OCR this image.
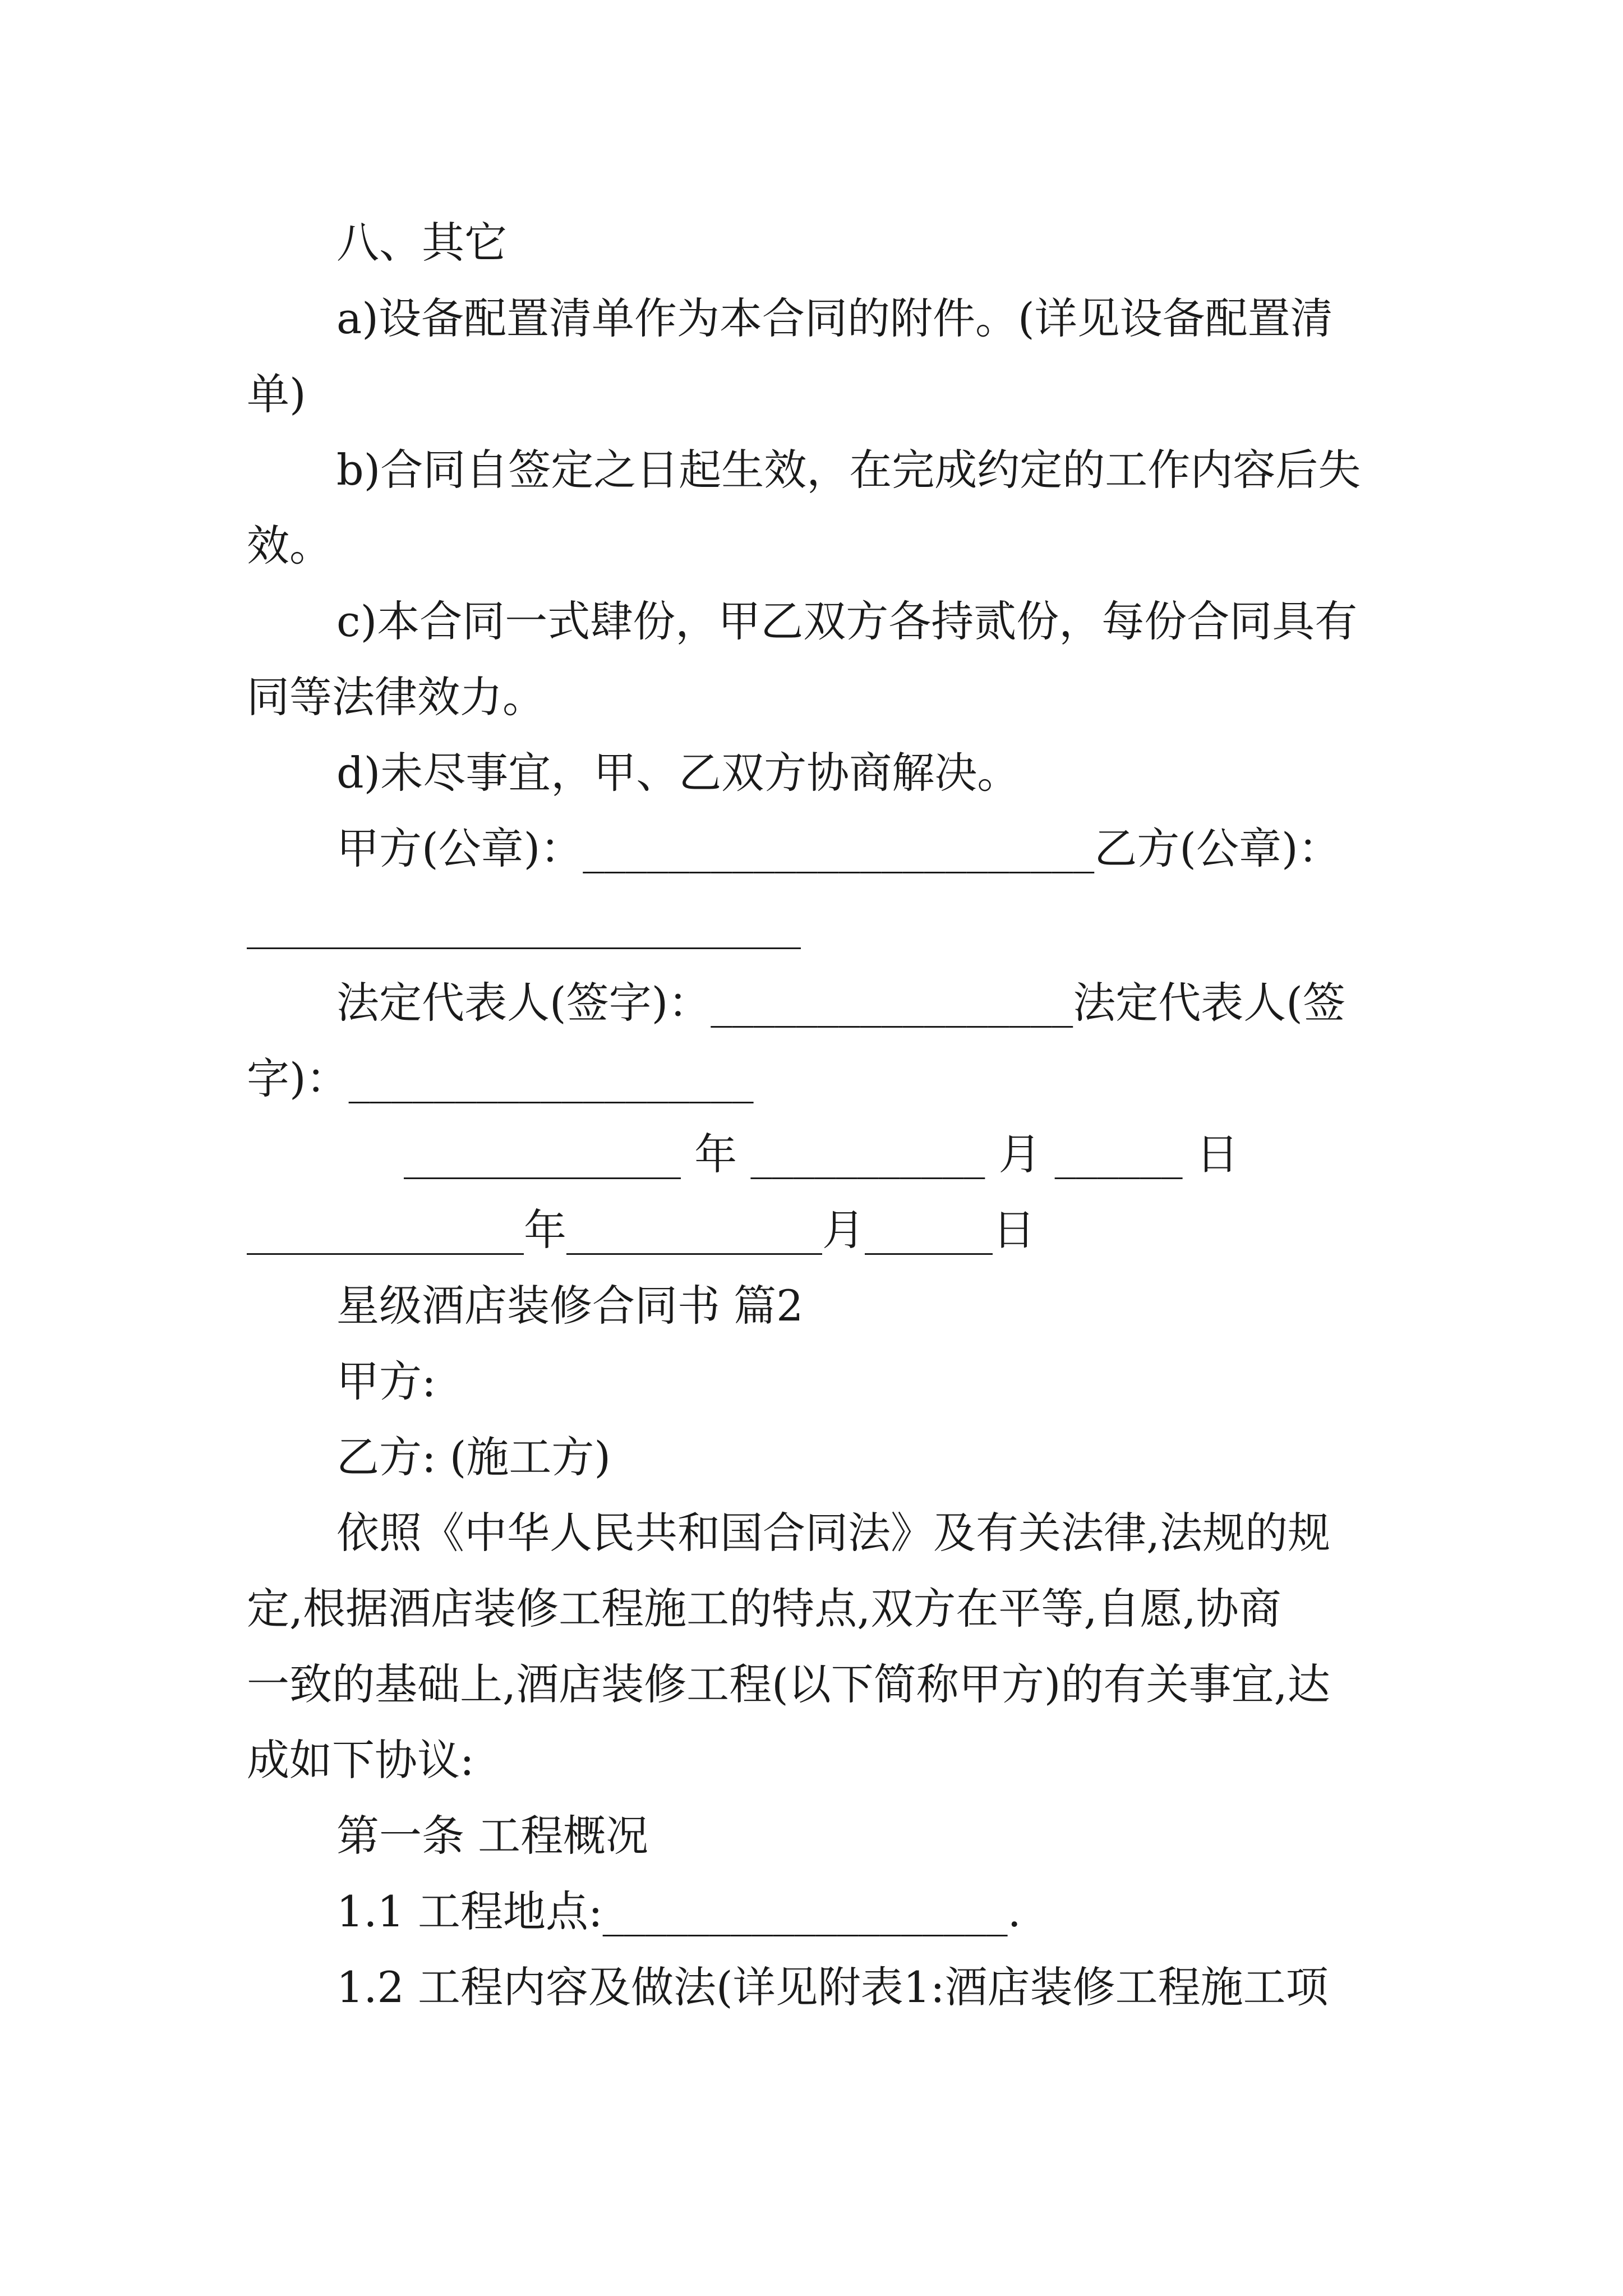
八、其它
a)设备配置清单作为本合同的附件。(详见设备配置清
单)
b)合同自签定之日起生效，在完成约定的工作内容后失
效。
c)本合同一式肆份，甲乙双方各持贰份，每份合同具有
同等法律效力。
d)未尽事宜，甲、乙双方协商解决。
甲方(公章)：________________________乙方(公章)：
__________________________
法定代表人(签字)：_________________法定代表人(签
字)：___________________
_____________ 年 ___________ 月 ______ 日
_____________年____________月______日
星级酒店装修合同书 篇2
甲方:
乙方: (施工方)
依照《中华人民共和国合同法》及有关法律,法规的规
定,根据酒店装修工程施工的特点,双方在平等,自愿,协商
一致的基础上,酒店装修工程(以下简称甲方)的有关事宜,达
成如下协议:
第一条 工程概况
1.1 工程地点:___________________.
1.2 工程内容及做法(详见附表1:酒店装修工程施工项
